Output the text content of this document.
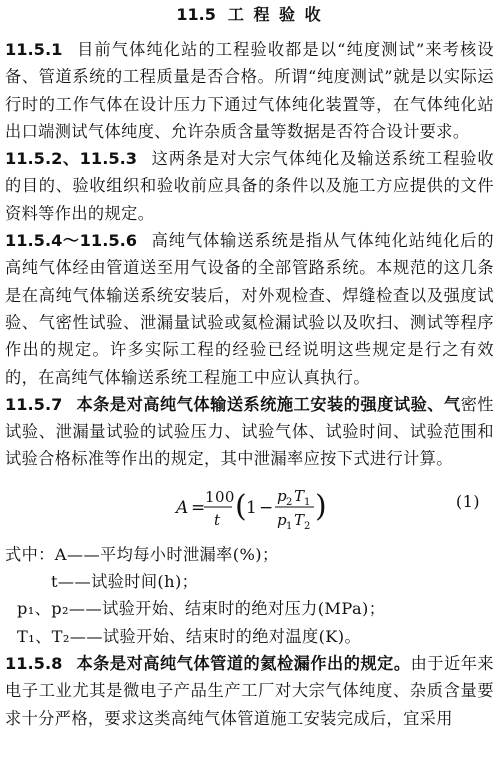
11.5 工 程 验 收

11.5.1 目前气体纯化站的工程验收都是以“纯度测试”来考核设备、管道系统的工程质量是否合格。所谓“纯度测试”就是以实际运行时的工作气体在设计压力下通过气体纯化装置等，在气体纯化站出口端测试气体纯度、允许杂质含量等数据是否符合设计要求。

11.5.2、11.5.3 这两条是对大宗气体纯化及输送系统工程验收的目的、验收组织和验收前应具备的条件以及施工方应提供的文件资料等作出的规定。

11.5.4～11.5.6 高纯气体输送系统是指从气体纯化站纯化后的高纯气体经由管道送至用气设备的全部管路系统。本规范的这几条是在高纯气体输送系统安装后，对外观检查、焊缝检查以及强度试验、气密性试验、泄漏量试验或氦检漏试验以及吹扫、测试等程序作出的规定。许多实际工程的经验已经说明这些规定是行之有效的，在高纯气体输送系统工程施工中应认真执行。

11.5.7 本条是对高纯气体输送系统施工安装的强度试验、气密性试验、泄漏量试验的试验压力、试验气体、试验时间、试验范围和试验合格标准等作出的规定，其中泄漏率应按下式进行计算。

A =
100
t (
1 −
p
2 T 1
p
1 T 2
)	(1)

式中：A——平均每小时泄漏率(%)；

t——试验时间(h)；

p₁、p₂——试验开始、结束时的绝对压力(MPa)；

T₁、T₂——试验开始、结束时的绝对温度(K)。

11.5.8 本条是对高纯气体管道的氦检漏作出的规定。由于近年来电子工业尤其是微电子产品生产工厂对大宗气体纯度、杂质含量要求十分严格，要求这类高纯气体管道施工安装完成后，宜采用
